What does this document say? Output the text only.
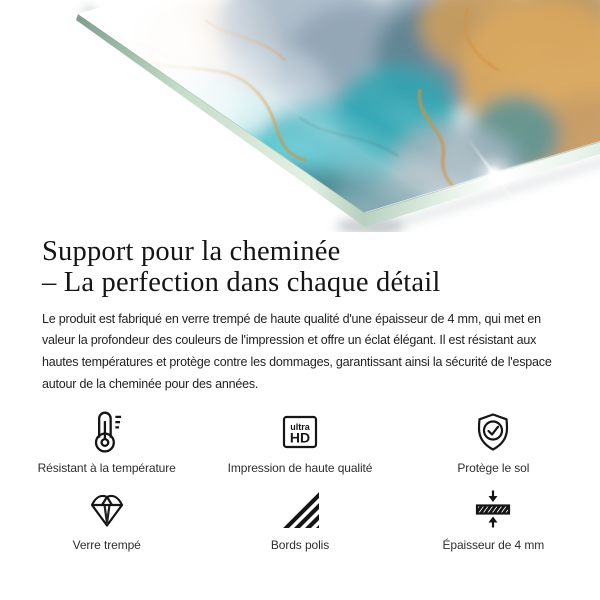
Support pour la cheminée
– La perfection dans chaque détail
Le produit est fabriqué en verre trempé de haute qualité d'une épaisseur de 4 mm, qui met en
valeur la profondeur des couleurs de l'impression et offre un éclat élégant. Il est résistant aux
hautes températures et protège contre les dommages, garantissant ainsi la sécurité de l'espace
autour de la cheminée pour des années.
Résistant à la température
ultra
HD
Impression de haute qualité	Protège le sol
Verre trempé	Bords polis	Épaisseur de 4 mm
